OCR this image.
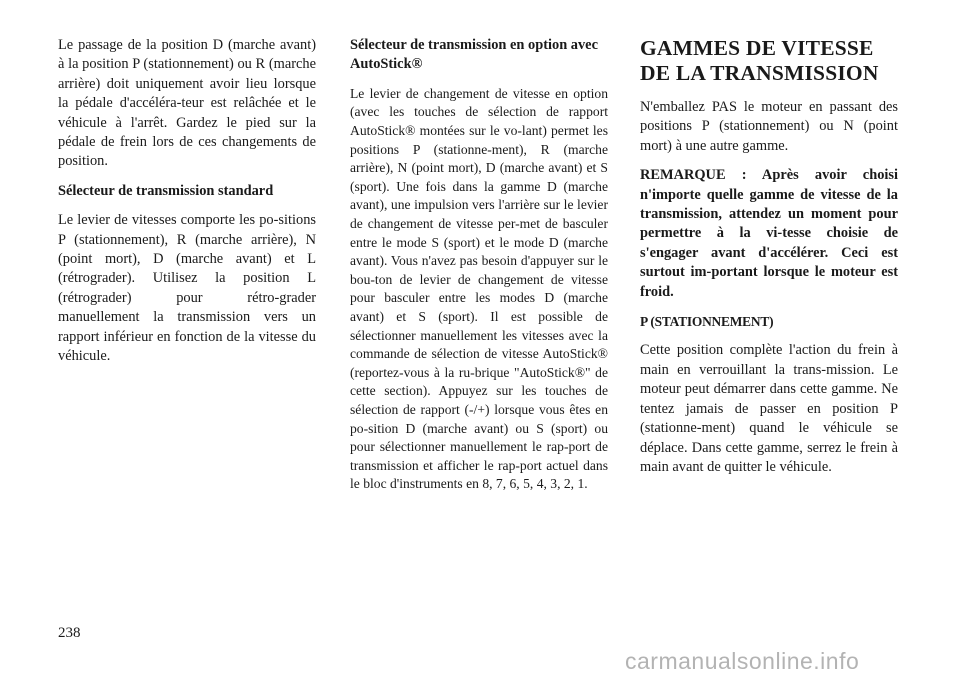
Le passage de la position D (marche avant) à la position P (stationnement) ou R (marche arrière) doit uniquement avoir lieu lorsque la pédale d'accéléra-teur est relâchée et le véhicule à l'arrêt. Gardez le pied sur la pédale de frein lors de ces changements de position.

Sélecteur de transmission standard

Le levier de vitesses comporte les po-sitions P (stationnement), R (marche arrière), N (point mort), D (marche avant) et L (rétrograder). Utilisez la position L (rétrograder) pour rétro-grader manuellement la transmission vers un rapport inférieur en fonction de la vitesse du véhicule.

Sélecteur de transmission en option avec AutoStick®

Le levier de changement de vitesse en option (avec les touches de sélection de rapport AutoStick® montées sur le vo-lant) permet les positions P (stationne-ment), R (marche arrière), N (point mort), D (marche avant) et S (sport). Une fois dans la gamme D (marche avant), une impulsion vers l'arrière sur le levier de changement de vitesse per-met de basculer entre le mode S (sport) et le mode D (marche avant). Vous n'avez pas besoin d'appuyer sur le bou-ton de levier de changement de vitesse pour basculer entre les modes D (marche avant) et S (sport). Il est possible de sélectionner manuellement les vitesses avec la commande de sélection de vitesse AutoStick® (reportez-vous à la ru-brique "AutoStick®" de cette section). Appuyez sur les touches de sélection de rapport (-/+) lorsque vous êtes en po-sition D (marche avant) ou S (sport) ou pour sélectionner manuellement le rap-port de transmission et afficher le rap-port actuel dans le bloc d'instruments en 8, 7, 6, 5, 4, 3, 2, 1.

GAMMES DE VITESSE DE LA TRANSMISSION

N'emballez PAS le moteur en passant des positions P (stationnement) ou N (point mort) à une autre gamme.

REMARQUE : Après avoir choisi n'importe quelle gamme de vitesse de la transmission, attendez un moment pour permettre à la vi-tesse choisie de s'engager avant d'accélérer. Ceci est surtout im-portant lorsque le moteur est froid.

P (STATIONNEMENT)

Cette position complète l'action du frein à main en verrouillant la trans-mission. Le moteur peut démarrer dans cette gamme. Ne tentez jamais de passer en position P (stationne-ment) quand le véhicule se déplace. Dans cette gamme, serrez le frein à main avant de quitter le véhicule.

238
carmanualsonline.info
